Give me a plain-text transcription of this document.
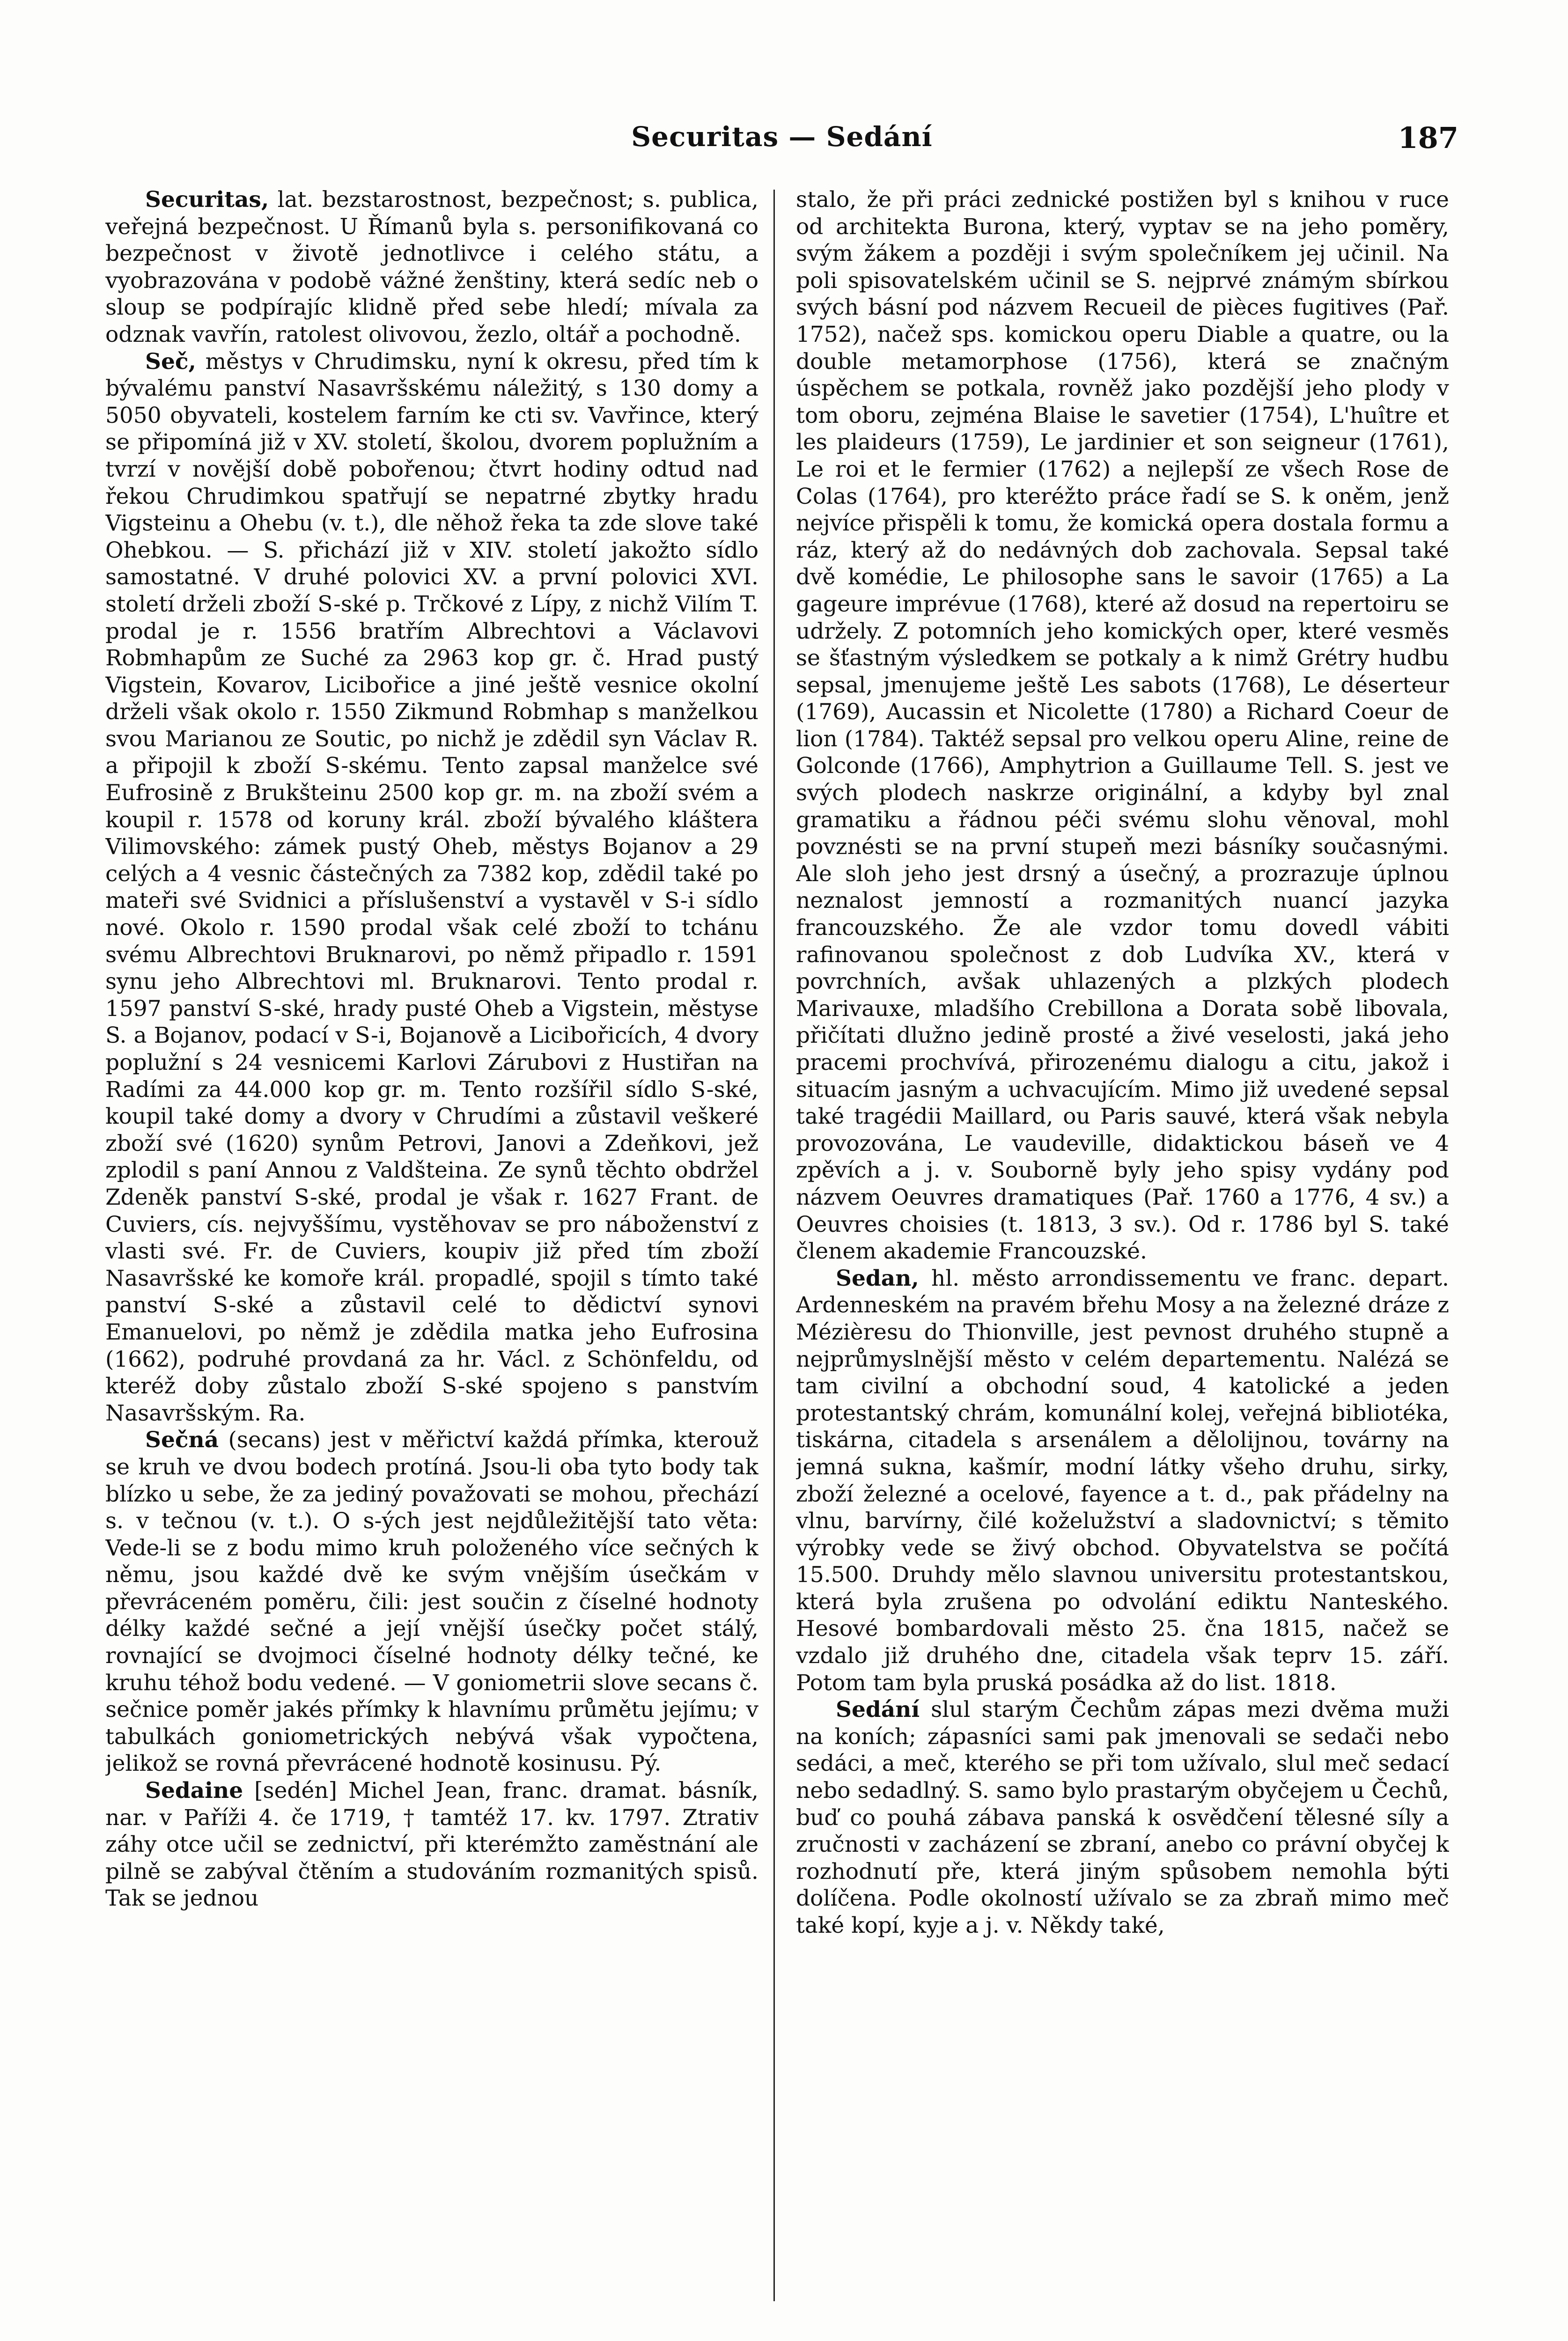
Securitas — Sedání	187

Securitas, lat. bezstarostnost, bezpečnost; s. publica, veřejná bezpečnost. U Římanů byla s. personifikovaná co bezpečnost v životě jednotlivce i celého státu, a vyobrazována v podobě vážné ženštiny, která sedíc neb o sloup se podpírajíc klidně před sebe hledí; mívala za odznak vavřín, ratolest olivovou, žezlo, oltář a pochodně.

Seč, městys v Chrudimsku, nyní k okresu, před tím k bývalému panství Nasavršskému náležitý, s 130 domy a 5050 obyvateli, kostelem farním ke cti sv. Vavřince, který se připomíná již v XV. století, školou, dvorem poplužním a tvrzí v novější době pobořenou; čtvrt hodiny odtud nad řekou Chrudimkou spatřují se nepatrné zbytky hradu Vigsteinu a Ohebu (v. t.), dle něhož řeka ta zde slove také Ohebkou. — S. přichází již v XIV. století jakožto sídlo samostatné. V druhé polovici XV. a první polovici XVI. století drželi zboží S-ské p. Trčkové z Lípy, z nichž Vilím T. prodal je r. 1556 bratřím Albrechtovi a Václavovi Robmhapům ze Suché za 2963 kop gr. č. Hrad pustý Vigstein, Kovarov, Licibořice a jiné ještě vesnice okolní drželi však okolo r. 1550 Zikmund Robmhap s manželkou svou Marianou ze Soutic, po nichž je zdědil syn Václav R. a připojil k zboží S-skému. Tento zapsal manželce své Eufrosině z Brukšteinu 2500 kop gr. m. na zboží svém a koupil r. 1578 od koruny král. zboží bývalého kláštera Vilimovského: zámek pustý Oheb, městys Bojanov a 29 celých a 4 vesnic částečných za 7382 kop, zdědil také po mateři své Svidnici a příslušenství a vystavěl v S-i sídlo nové. Okolo r. 1590 prodal však celé zboží to tchánu svému Albrechtovi Bruknarovi, po němž připadlo r. 1591 synu jeho Albrechtovi ml. Bruknarovi. Tento prodal r. 1597 panství S-ské, hrady pusté Oheb a Vigstein, městyse S. a Bojanov, podací v S-i, Bojanově a Licibořicích, 4 dvory poplužní s 24 vesnicemi Karlovi Zárubovi z Hustiřan na Radími za 44.000 kop gr. m. Tento rozšířil sídlo S-ské, koupil také domy a dvory v Chrudími a zůstavil veškeré zboží své (1620) synům Petrovi, Janovi a Zdeňkovi, jež zplodil s paní Annou z Valdšteina. Ze synů těchto obdržel Zdeněk panství S-ské, prodal je však r. 1627 Frant. de Cuviers, cís. nejvyššímu, vystěhovav se pro náboženství z vlasti své. Fr. de Cuviers, koupiv již před tím zboží Nasavršské ke komoře král. propadlé, spojil s tímto také panství S-ské a zůstavil celé to dědictví synovi Emanuelovi, po němž je zdědila matka jeho Eufrosina (1662), podruhé provdaná za hr. Václ. z Schönfeldu, od kteréž doby zůstalo zboží S-ské spojeno s panstvím Nasavršským. Ra.

Sečná (secans) jest v měřictví každá přímka, kterouž se kruh ve dvou bodech protíná. Jsou-li oba tyto body tak blízko u sebe, že za jediný považovati se mohou, přechází s. v tečnou (v. t.). O s-ých jest nejdůležitější tato věta: Vede-li se z bodu mimo kruh položeného více sečných k němu, jsou každé dvě ke svým vnějším úsečkám v převráceném poměru, čili: jest součin z číselné hodnoty délky každé sečné a její vnější úsečky počet stálý, rovnající se dvojmoci číselné hodnoty délky tečné, ke kruhu téhož bodu vedené. — V goniometrii slove secans č. sečnice poměr jakés přímky k hlavnímu průmětu jejímu; v tabulkách goniometrických nebývá však vypočtena, jelikož se rovná převrácené hodnotě kosinusu. Pý.

Sedaine [sedén] Michel Jean, franc. dramat. básník, nar. v Paříži 4. če 1719, † tamtéž 17. kv. 1797. Ztrativ záhy otce učil se zednictví, při kterémžto zaměstnání ale pilně se zabýval čtěním a studováním rozmanitých spisů. Tak se jednou

stalo, že při práci zednické postižen byl s knihou v ruce od architekta Burona, který, vyptav se na jeho poměry, svým žákem a později i svým společníkem jej učinil. Na poli spisovatelském učinil se S. nejprvé známým sbírkou svých básní pod názvem Recueil de pièces fugitives (Pař. 1752), načež sps. komickou operu Diable a quatre, ou la double metamorphose (1756), která se značným úspěchem se potkala, rovněž jako pozdější jeho plody v tom oboru, zejména Blaise le savetier (1754), L'huître et les plaideurs (1759), Le jardinier et son seigneur (1761), Le roi et le fermier (1762) a nejlepší ze všech Rose de Colas (1764), pro kteréžto práce řadí se S. k oněm, jenž nejvíce přispěli k tomu, že komická opera dostala formu a ráz, který až do nedávných dob zachovala. Sepsal také dvě komédie, Le philosophe sans le savoir (1765) a La gageure imprévue (1768), které až dosud na repertoiru se udržely. Z potomních jeho komických oper, které vesměs se šťastným výsledkem se potkaly a k nimž Grétry hudbu sepsal, jmenujeme ještě Les sabots (1768), Le déserteur (1769), Aucassin et Nicolette (1780) a Richard Coeur de lion (1784). Taktéž sepsal pro velkou operu Aline, reine de Golconde (1766), Amphytrion a Guillaume Tell. S. jest ve svých plodech naskrze originální, a kdyby byl znal gramatiku a řádnou péči svému slohu věnoval, mohl povznésti se na první stupeň mezi básníky současnými. Ale sloh jeho jest drsný a úsečný, a prozrazuje úplnou neznalost jemností a rozmanitých nuancí jazyka francouzského. Že ale vzdor tomu dovedl vábiti rafinovanou společnost z dob Ludvíka XV., která v povrchních, avšak uhlazených a plzkých plodech Marivauxe, mladšího Crebillona a Dorata sobě libovala, přičítati dlužno jedině prosté a živé veselosti, jaká jeho pracemi prochvívá, přirozenému dialogu a citu, jakož i situacím jasným a uchvacujícím. Mimo již uvedené sepsal také tragédii Maillard, ou Paris sauvé, která však nebyla provozována, Le vaudeville, didaktickou báseň ve 4 zpěvích a j. v. Souborně byly jeho spisy vydány pod názvem Oeuvres dramatiques (Pař. 1760 a 1776, 4 sv.) a Oeuvres choisies (t. 1813, 3 sv.). Od r. 1786 byl S. také členem akademie Francouzské.

Sedan, hl. město arrondissementu ve franc. depart. Ardenneském na pravém břehu Mosy a na železné dráze z Mézièresu do Thionville, jest pevnost druhého stupně a nejprůmyslnější město v celém departementu. Nalézá se tam civilní a obchodní soud, 4 katolické a jeden protestantský chrám, komunální kolej, veřejná bibliotéka, tiskárna, citadela s arsenálem a dělolijnou, továrny na jemná sukna, kašmír, modní látky všeho druhu, sirky, zboží železné a ocelové, fayence a t. d., pak přádelny na vlnu, barvírny, čilé koželužství a sladovnictví; s těmito výrobky vede se živý obchod. Obyvatelstva se počítá 15.500. Druhdy mělo slavnou universitu protestantskou, která byla zrušena po odvolání ediktu Nanteského. Hesové bombardovali město 25. čna 1815, načež se vzdalo již druhého dne, citadela však teprv 15. září. Potom tam byla pruská posádka až do list. 1818.

Sedání slul starým Čechům zápas mezi dvěma muži na koních; zápasníci sami pak jmenovali se sedači nebo sedáci, a meč, kterého se při tom užívalo, slul meč sedací nebo sedadlný. S. samo bylo prastarým obyčejem u Čechů, buď co pouhá zábava panská k osvědčení tělesné síly a zručnosti v zacházení se zbraní, anebo co právní obyčej k rozhodnutí pře, která jiným spůsobem nemohla býti dolíčena. Podle okolností užívalo se za zbraň mimo meč také kopí, kyje a j. v. Někdy také,
